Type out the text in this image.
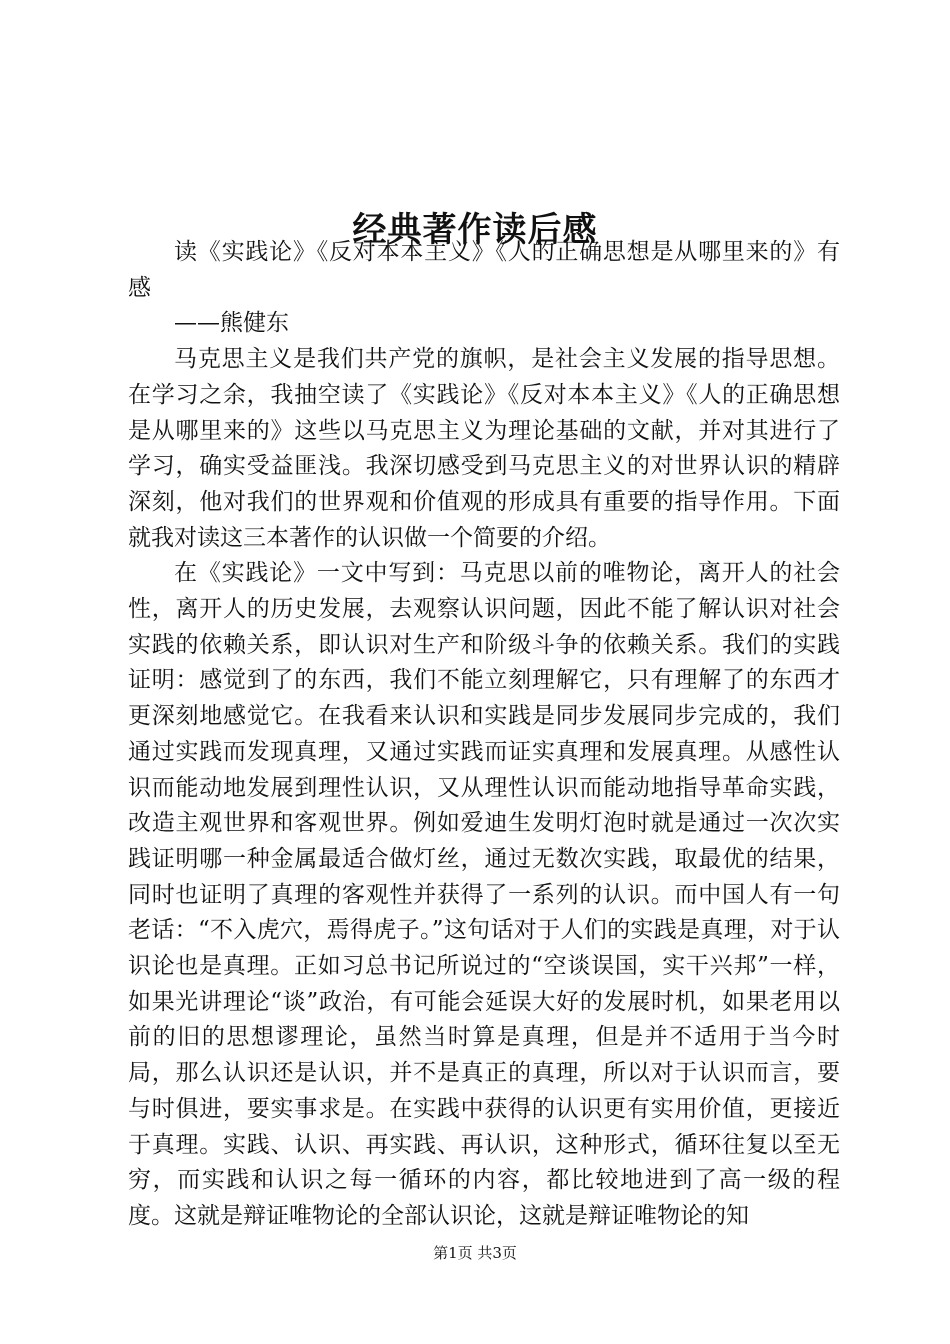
经典著作读后感

读《实践论》《反对本本主义》《人的正确思想是从哪里来的》有感

——熊健东

马克思主义是我们共产党的旗帜，是社会主义发展的指导思想。在学习之余，我抽空读了《实践论》《反对本本主义》《人的正确思想是从哪里来的》这些以马克思主义为理论基础的文献，并对其进行了学习，确实受益匪浅。我深切感受到马克思主义的对世界认识的精辟深刻，他对我们的世界观和价值观的形成具有重要的指导作用。下面就我对读这三本著作的认识做一个简要的介绍。

在《实践论》一文中写到：马克思以前的唯物论，离开人的社会性，离开人的历史发展，去观察认识问题，因此不能了解认识对社会实践的依赖关系，即认识对生产和阶级斗争的依赖关系。我们的实践证明：感觉到了的东西，我们不能立刻理解它，只有理解了的东西才更深刻地感觉它。在我看来认识和实践是同步发展同步完成的，我们通过实践而发现真理，又通过实践而证实真理和发展真理。从感性认识而能动地发展到理性认识，又从理性认识而能动地指导革命实践，改造主观世界和客观世界。例如爱迪生发明灯泡时就是通过一次次实践证明哪一种金属最适合做灯丝，通过无数次实践，取最优的结果，同时也证明了真理的客观性并获得了一系列的认识。而中国人有一句老话：“不入虎穴，焉得虎子。”这句话对于人们的实践是真理，对于认识论也是真理。正如习总书记所说过的“空谈误国，实干兴邦”一样，如果光讲理论“谈”政治，有可能会延误大好的发展时机，如果老用以前的旧的思想谬理论，虽然当时算是真理，但是并不适用于当今时局，那么认识还是认识，并不是真正的真理，所以对于认识而言，要与时俱进，要实事求是。在实践中获得的认识更有实用价值，更接近于真理。实践、认识、再实践、再认识，这种形式，循环往复以至无穷，而实践和认识之每一循环的内容，都比较地进到了高一级的程度。这就是辩证唯物论的全部认识论，这就是辩证唯物论的知

第1页 共3页
